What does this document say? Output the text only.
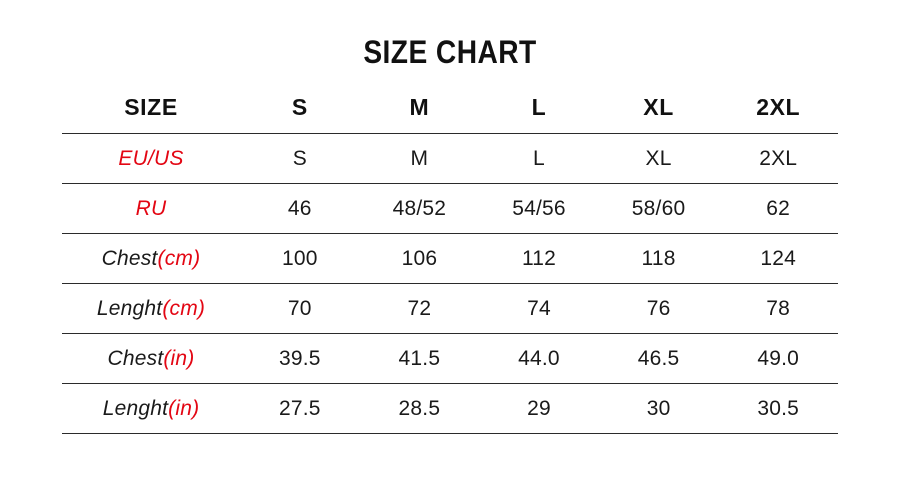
SIZE CHART
SIZE	S	M	L	XL	2XL
EU/US	S	M	L	XL	2XL
RU	46	48/52	54/56	58/60	62
Chest(cm)	100	106	112	118	124
Lenght(cm)	70	72	74	76	78
Chest(in)	39.5	41.5	44.0	46.5	49.0
Lenght(in)	27.5	28.5	29	30	30.5
